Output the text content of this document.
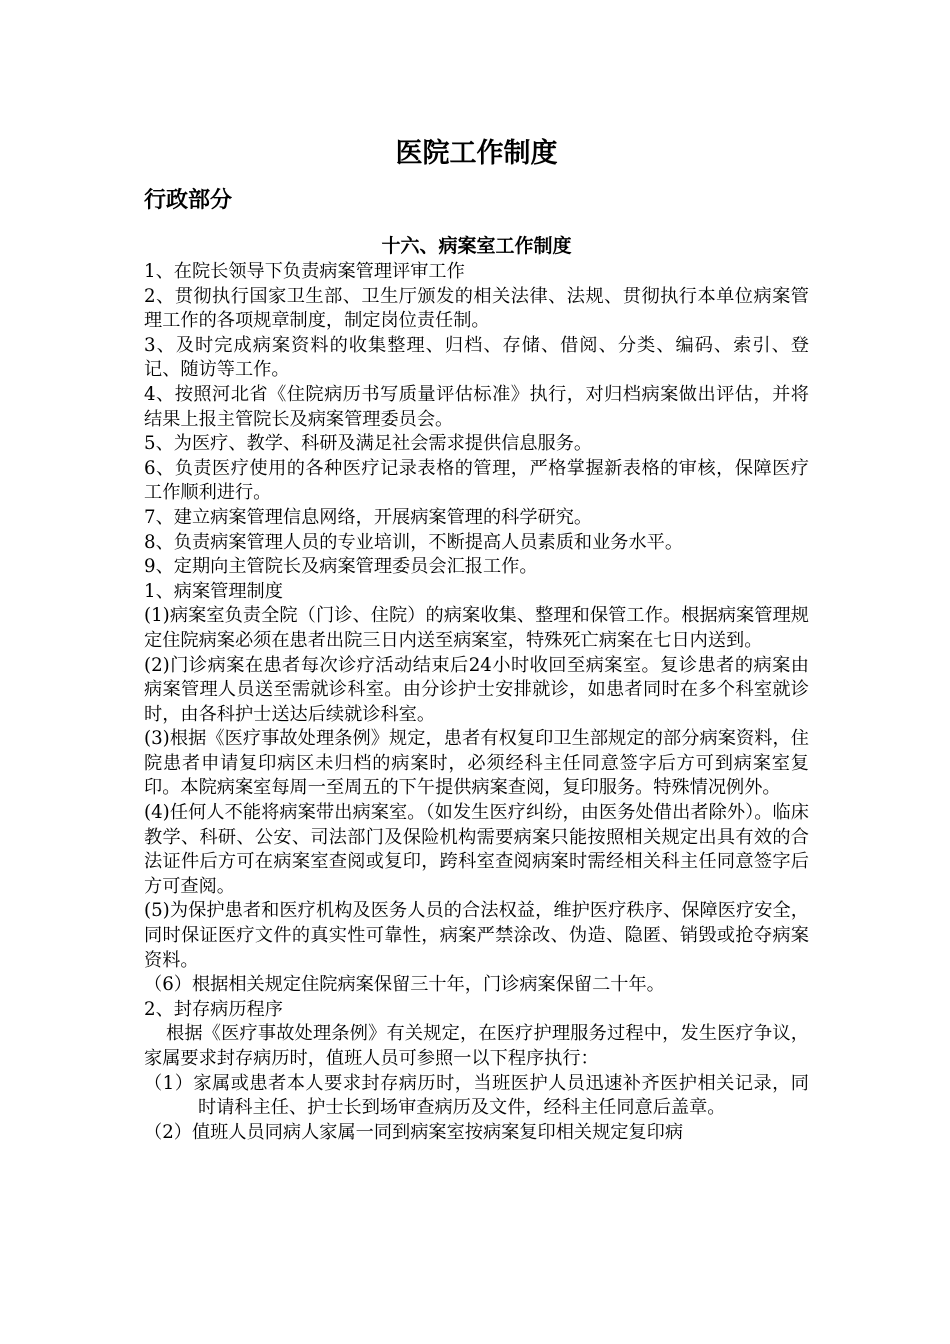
医院工作制度
行政部分
十六、病案室工作制度

1、在院长领导下负责病案管理评审工作

2、贯彻执行国家卫生部、卫生厅颁发的相关法律、法规、贯彻执行本单位病案管理工作的各项规章制度，制定岗位责任制。

3、及时完成病案资料的收集整理、归档、存储、借阅、分类、编码、索引、登记、随访等工作。

4、按照河北省《住院病历书写质量评估标准》执行，对归档病案做出评估，并将结果上报主管院长及病案管理委员会。

5、为医疗、教学、科研及满足社会需求提供信息服务。

6、负责医疗使用的各种医疗记录表格的管理，严格掌握新表格的审核，保障医疗工作顺利进行。

7、建立病案管理信息网络，开展病案管理的科学研究。

8、负责病案管理人员的专业培训，不断提高人员素质和业务水平。

9、定期向主管院长及病案管理委员会汇报工作。

1、病案管理制度

(1)病案室负责全院（门诊、住院）的病案收集、整理和保管工作。根据病案管理规定住院病案必须在患者出院三日内送至病案室，特殊死亡病案在七日内送到。

(2)门诊病案在患者每次诊疗活动结束后24小时收回至病案室。复诊患者的病案由病案管理人员送至需就诊科室。由分诊护士安排就诊，如患者同时在多个科室就诊时，由各科护士送达后续就诊科室。

(3)根据《医疗事故处理条例》规定，患者有权复印卫生部规定的部分病案资料，住院患者申请复印病区未归档的病案时，必须经科主任同意签字后方可到病案室复印。本院病案室每周一至周五的下午提供病案查阅，复印服务。特殊情况例外。

(4)任何人不能将病案带出病案室。（如发生医疗纠纷，由医务处借出者除外）。临床教学、科研、公安、司法部门及保险机构需要病案只能按照相关规定出具有效的合法证件后方可在病案室查阅或复印，跨科室查阅病案时需经相关科主任同意签字后方可查阅。

(5)为保护患者和医疗机构及医务人员的合法权益，维护医疗秩序、保障医疗安全，同时保证医疗文件的真实性可靠性，病案严禁涂改、伪造、隐匿、销毁或抢夺病案资料。

（6）根据相关规定住院病案保留三十年，门诊病案保留二十年。

2、封存病历程序

根据《医疗事故处理条例》有关规定，在医疗护理服务过程中，发生医疗争议，家属要求封存病历时，值班人员可参照一以下程序执行：

（1）家属或患者本人要求封存病历时，当班医护人员迅速补齐医护相关记录，同时请科主任、护士长到场审查病历及文件，经科主任同意后盖章。

（2）值班人员同病人家属一同到病案室按病案复印相关规定复印病
